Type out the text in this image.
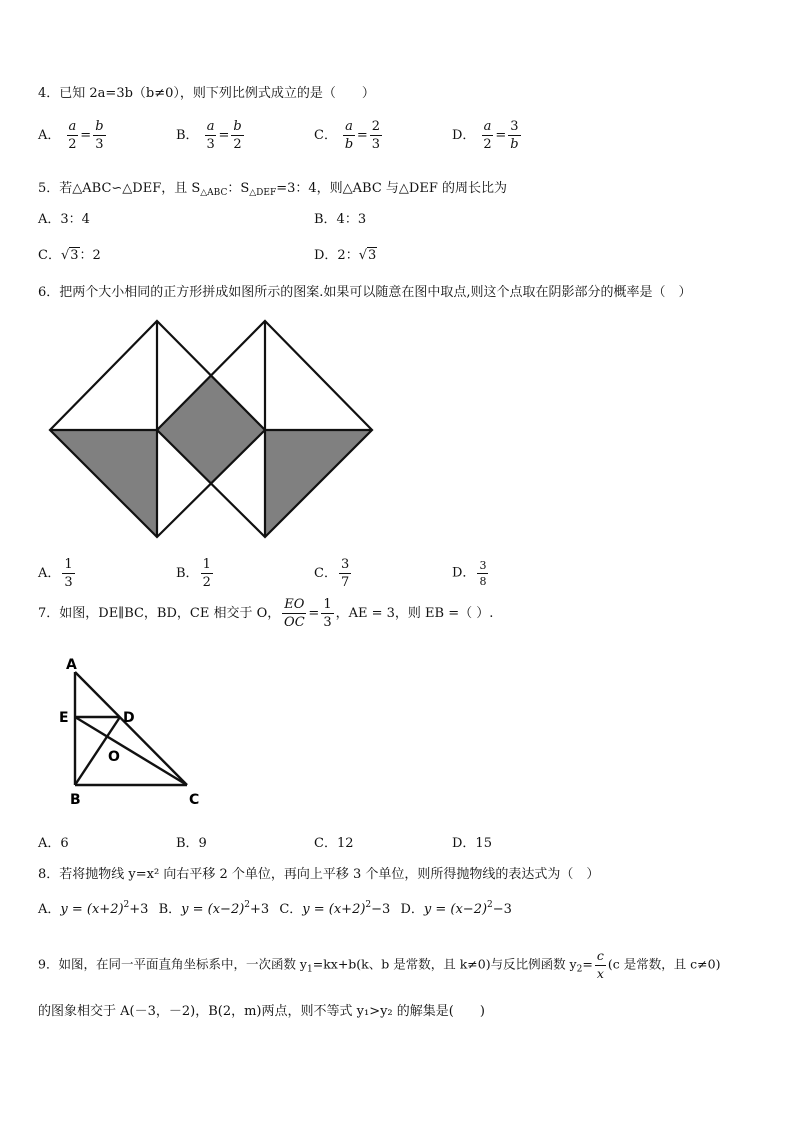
4．已知 2a=3b（b≠0），则下列比例式成立的是（　　）
A． $\frac{a}{2} = \frac{b}{3}$	B． $\frac{a}{3} = \frac{b}{2}$	C． $\frac{a}{b} = \frac{2}{3}$	D． $\frac{a}{2} = \frac{3}{b}$
5．若△ABC∽△DEF，且 $S_{\triangle ABC}$：$S_{\triangle DEF}=3$：4，则△ABC 与△DEF 的周长比为
A．3：4	B．4：3
C．√3：2	D．2：√3
6．把两个大小相同的正方形拼成如图所示的图案.如果可以随意在图中取点,则这个点取在阴影部分的概率是（　）
A． $\frac{1}{3}$	B． $\frac{1}{2}$	C． $\frac{3}{7}$	D． $\frac{3}{8}$
7．如图，DE∥BC，BD，CE 相交于 O， $\frac{EO}{OC} = \frac{1}{3}$ ，AE = 3，则 EB =（ ）.
A
E	D
O
B	C
A．6	B．9	C．12	D．15
8．若将抛物线 y=x² 向右平移 2 个单位，再向上平移 3 个单位，则所得抛物线的表达式为（　）
A．$y = (x+2)^2+3$ B．$y = (x-2)^2+3$ C．$y = (x+2)^2-3$ D．$y = (x-2)^2-3$
9．如图，在同一平面直角坐标系中，一次函数 $y_1=kx+b(k$、b 是常数，且 k≠0)与反比例函数 $y_2= \frac{c}{x} (c$ 是常数，且 c≠0)
的图象相交于 A(－3，－2)，B(2，m)两点，则不等式 y₁>y₂ 的解集是(　　)
